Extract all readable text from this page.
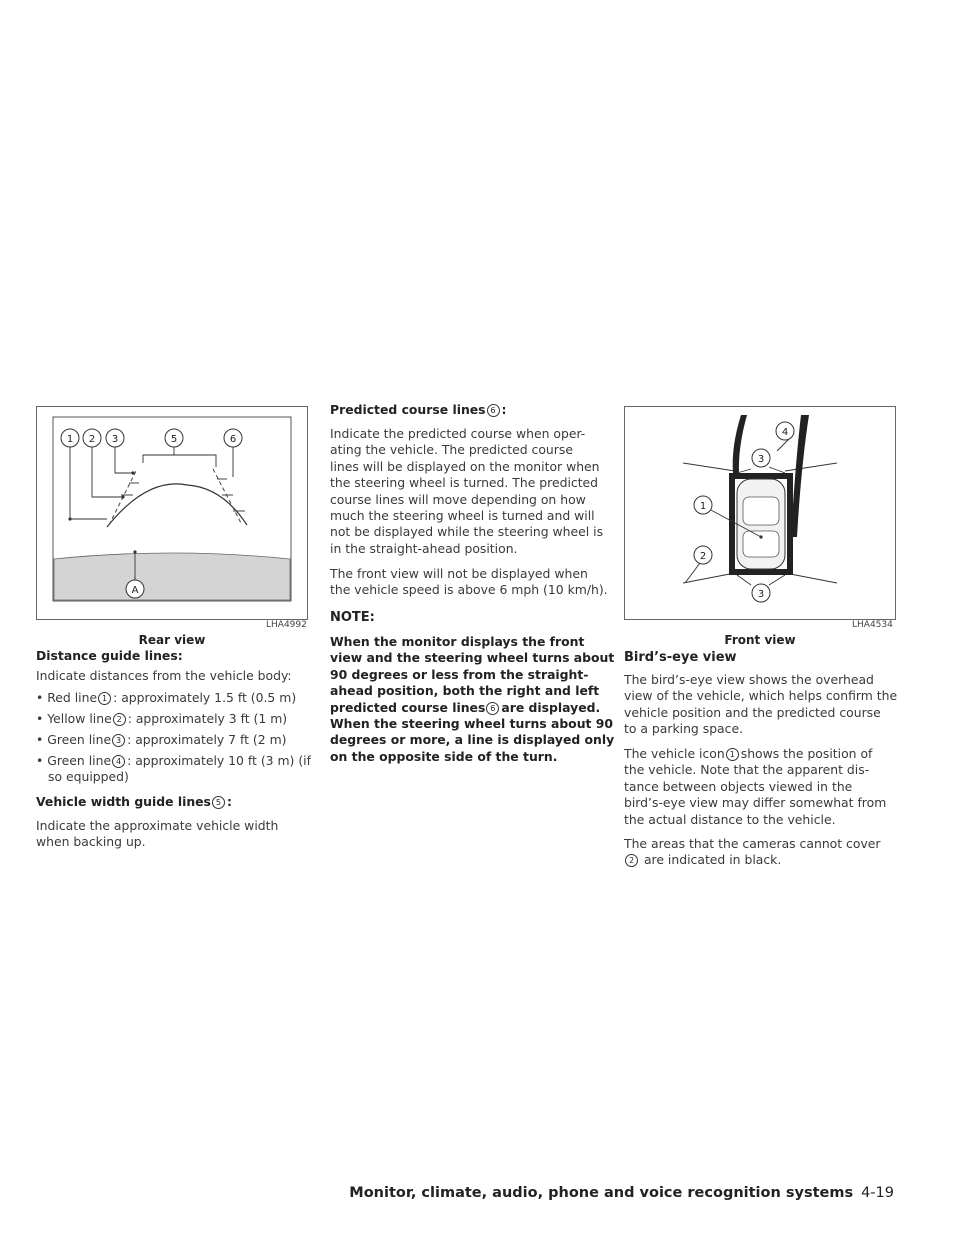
1 2 3	5	6
A
LHA4992
Rear view
Distance guide lines:
Indicate distances from the vehicle body:
• Red line 1 : approximately 1.5 ft (0.5 m)
• Yellow line 2 : approximately 3 ft (1 m)
• Green line 3 : approximately 7 ft (2 m)
• Green line 4 : approximately 10 ft (3 m) (if
so equipped)
Vehicle width guide lines 5 :
Indicate the approximate vehicle width
when backing up.
Predicted course lines 6 :
Indicate the predicted course when oper-
ating the vehicle. The predicted course
lines will be displayed on the monitor when
the steering wheel is turned. The predicted
course lines will move depending on how
much the steering wheel is turned and will
not be displayed while the steering wheel is
in the straight-ahead position.
The front view will not be displayed when
the vehicle speed is above 6 mph (10 km/h).
NOTE:
When the monitor displays the front
view and the steering wheel turns about
90 degrees or less from the straight-
ahead position, both the right and left
predicted course lines 6 are displayed.
When the steering wheel turns about 90
degrees or more, a line is displayed only
on the opposite side of the turn.
1
2
3
4
3
LHA4534
Front view
Bird’s-eye view
The bird’s-eye view shows the overhead
view of the vehicle, which helps confirm the
vehicle position and the predicted course
to a parking space.
The vehicle icon 1 shows the position of
the vehicle. Note that the apparent dis-
tance between objects viewed in the
bird’s-eye view may differ somewhat from
the actual distance to the vehicle.
The areas that the cameras cannot cover
2 are indicated in black.
Monitor, climate, audio, phone and voice recognition systems 4-19
